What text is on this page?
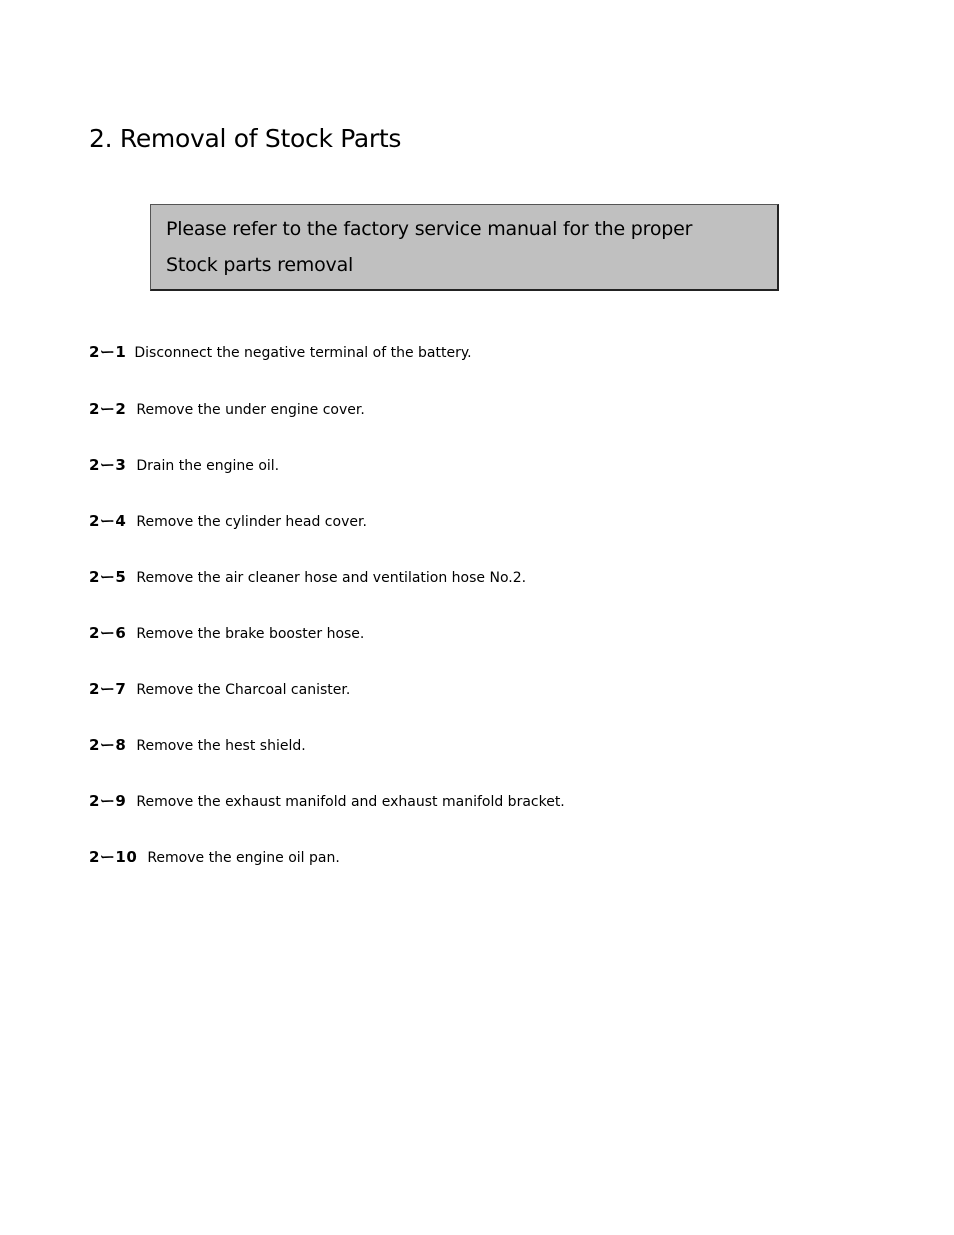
2. Removal of Stock Parts
Please refer to the factory service manual for the proper
Stock parts removal
2ー1 Disconnect the negative terminal of the battery.
2ー2 Remove the under engine cover.
2ー3 Drain the engine oil.
2ー4 Remove the cylinder head cover.
2ー5 Remove the air cleaner hose and ventilation hose No.2.
2ー6 Remove the brake booster hose.
2ー7 Remove the Charcoal canister.
2ー8 Remove the hest shield.
2ー9 Remove the exhaust manifold and exhaust manifold bracket.
2ー10 Remove the engine oil pan.
